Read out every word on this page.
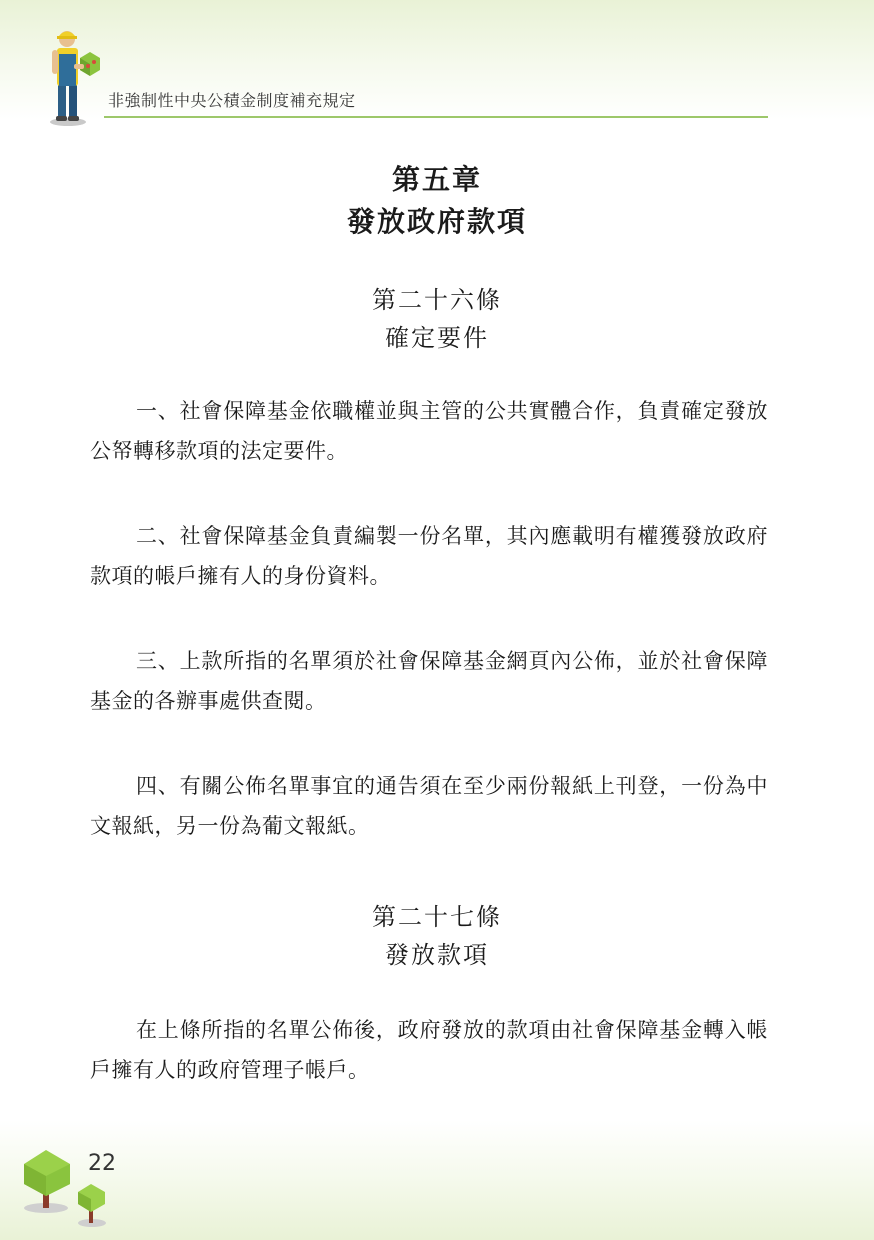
非強制性中央公積金制度補充規定
第五章
發放政府款項
第二十六條
確定要件

一、社會保障基金依職權並與主管的公共實體合作，負責確定發放公帑轉移款項的法定要件。

二、社會保障基金負責編製一份名單，其內應載明有權獲發放政府款項的帳戶擁有人的身份資料。

三、上款所指的名單須於社會保障基金網頁內公佈，並於社會保障基金的各辦事處供查閱。

四、有關公佈名單事宜的通告須在至少兩份報紙上刊登，一份為中文報紙，另一份為葡文報紙。

第二十七條
發放款項

在上條所指的名單公佈後，政府發放的款項由社會保障基金轉入帳戶擁有人的政府管理子帳戶。

22
